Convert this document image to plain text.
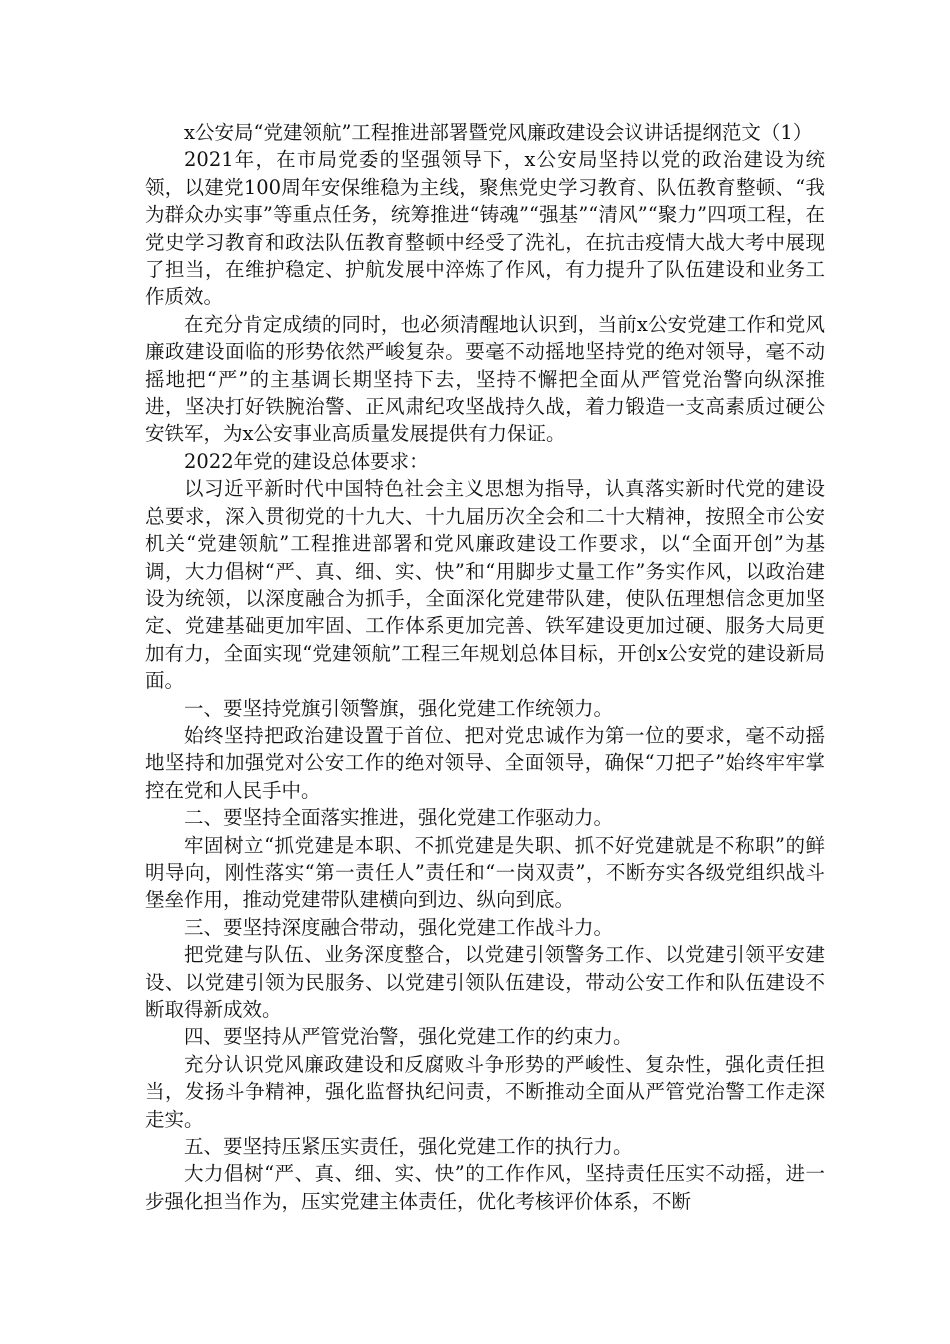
x公安局“党建领航”工程推进部署暨党风廉政建设会议讲话提纲范文（1）

2021年，在市局党委的坚强领导下，x公安局坚持以党的政治建设为统领，以建党100周年安保维稳为主线，聚焦党史学习教育、队伍教育整顿、“我为群众办实事”等重点任务，统筹推进“铸魂”“强基”“清风”“聚力”四项工程，在党史学习教育和政法队伍教育整顿中经受了洗礼，在抗击疫情大战大考中展现了担当，在维护稳定、护航发展中淬炼了作风，有力提升了队伍建设和业务工作质效。

在充分肯定成绩的同时，也必须清醒地认识到，当前x公安党建工作和党风廉政建设面临的形势依然严峻复杂。要毫不动摇地坚持党的绝对领导，毫不动摇地把“严”的主基调长期坚持下去，坚持不懈把全面从严管党治警向纵深推进，坚决打好铁腕治警、正风肃纪攻坚战持久战，着力锻造一支高素质过硬公安铁军，为x公安事业高质量发展提供有力保证。

2022年党的建设总体要求：

以习近平新时代中国特色社会主义思想为指导，认真落实新时代党的建设总要求，深入贯彻党的十九大、十九届历次全会和二十大精神，按照全市公安机关“党建领航”工程推进部署和党风廉政建设工作要求，以“全面开创”为基调，大力倡树“严、真、细、实、快”和“用脚步丈量工作”务实作风，以政治建设为统领，以深度融合为抓手，全面深化党建带队建，使队伍理想信念更加坚定、党建基础更加牢固、工作体系更加完善、铁军建设更加过硬、服务大局更加有力，全面实现“党建领航”工程三年规划总体目标，开创x公安党的建设新局面。

一、要坚持党旗引领警旗，强化党建工作统领力。

始终坚持把政治建设置于首位、把对党忠诚作为第一位的要求，毫不动摇地坚持和加强党对公安工作的绝对领导、全面领导，确保“刀把子”始终牢牢掌控在党和人民手中。

二、要坚持全面落实推进，强化党建工作驱动力。

牢固树立“抓党建是本职、不抓党建是失职、抓不好党建就是不称职”的鲜明导向，刚性落实“第一责任人”责任和“一岗双责”，不断夯实各级党组织战斗堡垒作用，推动党建带队建横向到边、纵向到底。

三、要坚持深度融合带动，强化党建工作战斗力。

把党建与队伍、业务深度整合，以党建引领警务工作、以党建引领平安建设、以党建引领为民服务、以党建引领队伍建设，带动公安工作和队伍建设不断取得新成效。

四、要坚持从严管党治警，强化党建工作的约束力。

充分认识党风廉政建设和反腐败斗争形势的严峻性、复杂性，强化责任担当，发扬斗争精神，强化监督执纪问责，不断推动全面从严管党治警工作走深走实。

五、要坚持压紧压实责任，强化党建工作的执行力。

大力倡树“严、真、细、实、快”的工作作风，坚持责任压实不动摇，进一步强化担当作为，压实党建主体责任，优化考核评价体系，不断
